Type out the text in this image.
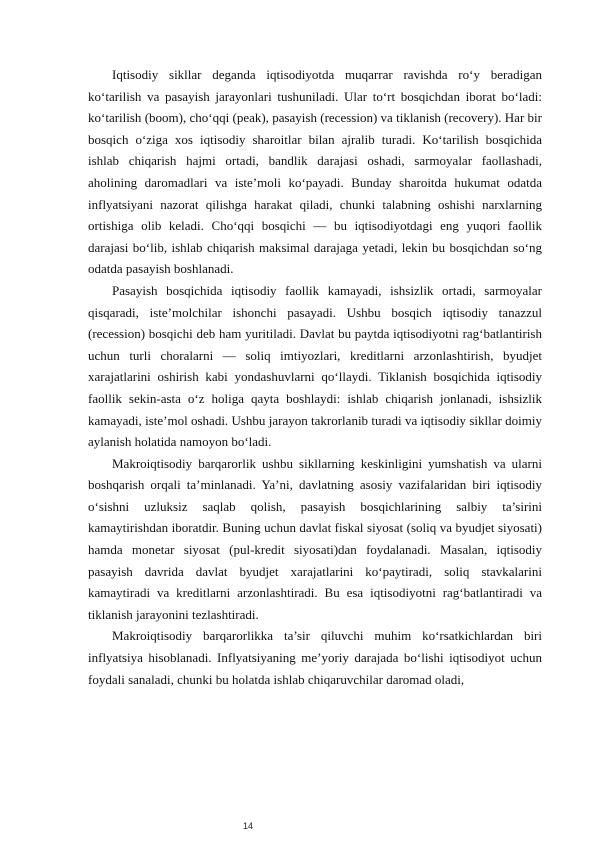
Iqtisodiy sikllar deganda iqtisodiyotda muqarrar ravishda ro‘y beradigan ko‘tarilish va pasayish jarayonlari tushuniladi. Ular to‘rt bosqichdan iborat bo‘ladi: ko‘tarilish (boom), cho‘qqi (peak), pasayish (recession) va tiklanish (recovery). Har bir bosqich o‘ziga xos iqtisodiy sharoitlar bilan ajralib turadi. Ko‘tarilish bosqichida ishlab chiqarish hajmi ortadi, bandlik darajasi oshadi, sarmoyalar faollashadi, aholining daromadlari va iste’moli ko‘payadi. Bunday sharoitda hukumat odatda inflyatsiyani nazorat qilishga harakat qiladi, chunki talabning oshishi narxlarning ortishiga olib keladi. Cho‘qqi bosqichi — bu iqtisodiyotdagi eng yuqori faollik darajasi bo‘lib, ishlab chiqarish maksimal darajaga yetadi, lekin bu bosqichdan so‘ng odatda pasayish boshlanadi.

Pasayish bosqichida iqtisodiy faollik kamayadi, ishsizlik ortadi, sarmoyalar qisqaradi, iste’molchilar ishonchi pasayadi. Ushbu bosqich iqtisodiy tanazzul (recession) bosqichi deb ham yuritiladi. Davlat bu paytda iqtisodiyotni rag‘batlantirish uchun turli choralarni — soliq imtiyozlari, kreditlarni arzonlashtirish, byudjet xarajatlarini oshirish kabi yondashuvlarni qo‘llaydi. Tiklanish bosqichida iqtisodiy faollik sekin-asta o‘z holiga qayta boshlaydi: ishlab chiqarish jonlanadi, ishsizlik kamayadi, iste’mol oshadi. Ushbu jarayon takrorlanib turadi va iqtisodiy sikllar doimiy aylanish holatida namoyon bo‘ladi.

Makroiqtisodiy barqarorlik ushbu sikllarning keskinligini yumshatish va ularni boshqarish orqali ta’minlanadi. Ya’ni, davlatning asosiy vazifalaridan biri iqtisodiy o‘sishni uzluksiz saqlab qolish, pasayish bosqichlarining salbiy ta’sirini kamaytirishdan iboratdir. Buning uchun davlat fiskal siyosat (soliq va byudjet siyosati) hamda monetar siyosat (pul-kredit siyosati)dan foydalanadi. Masalan, iqtisodiy pasayish davrida davlat byudjet xarajatlarini ko‘paytiradi, soliq stavkalarini kamaytiradi va kreditlarni arzonlashtiradi. Bu esa iqtisodiyotni rag‘batlantiradi va tiklanish jarayonini tezlashtiradi.

Makroiqtisodiy barqarorlikka ta’sir qiluvchi muhim ko‘rsatkichlardan biri inflyatsiya hisoblanadi. Inflyatsiyaning me’yoriy darajada bo‘lishi iqtisodiyot uchun foydali sanaladi, chunki bu holatda ishlab chiqaruvchilar daromad oladi,

14
